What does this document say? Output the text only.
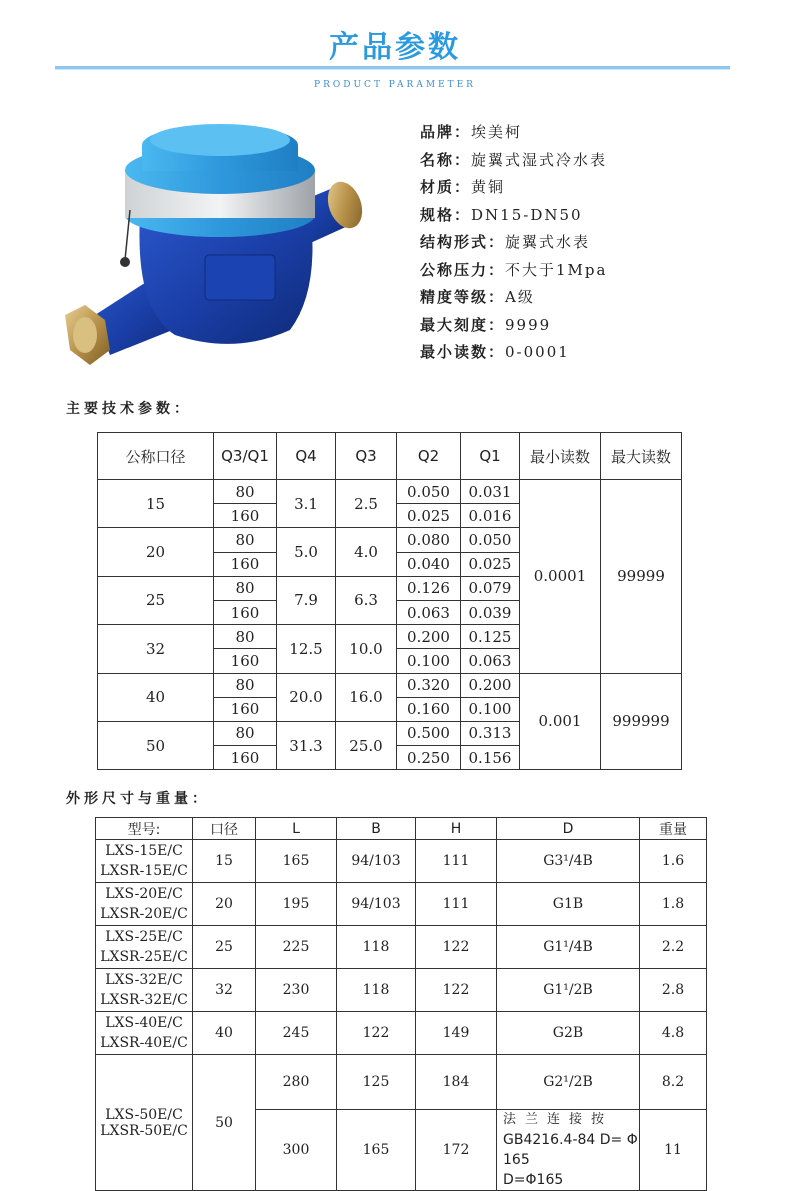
产品参数
PRODUCT PARAMETER
品牌：埃美柯
名称：旋翼式湿式冷水表
材质：黄铜
规格：DN15-DN50
结构形式：旋翼式水表
公称压力：不大于1Mpa
精度等级：A级
最大刻度：9999
最小读数：0-0001
主要技术参数：
公称口径	Q3/Q1	Q4	Q3	Q2	Q1	最小读数	最大读数
15	80	3.1	2.5	0.050	0.031	0.0001	99999
	160			0.025	0.016		
20	80	5.0	4.0	0.080	0.050		
	160			0.040	0.025		
25	80	7.9	6.3	0.126	0.079		
	160			0.063	0.039		
32	80	12.5	10.0	0.200	0.125		
	160			0.100	0.063		
40	80	20.0	16.0	0.320	0.200	0.001	999999
	160			0.160	0.100		
50	80	31.3	25.0	0.500	0.313		
	160			0.250	0.156		
外形尺寸与重量：
型号:	口径	L	B	H	D	重量
LXS-15E/C
LXSR-15E/C	15	165	94/103	111	G3¹/4B	1.6
LXS-20E/C
LXSR-20E/C	20	195	94/103	111	G1B	1.8
LXS-25E/C
LXSR-25E/C	25	225	118	122	G1¹/4B	2.2
LXS-32E/C
LXSR-32E/C	32	230	118	122	G1¹/2B	2.8
LXS-40E/C
LXSR-40E/C	40	245	122	149	G2B	4.8
LXS-50E/C
LXSR-50E/C	50	280	125	184	G2¹/2B	8.2
		300	165	172	法兰连接按
GB4216.4-84 D= Φ 165
D=Φ165	11
